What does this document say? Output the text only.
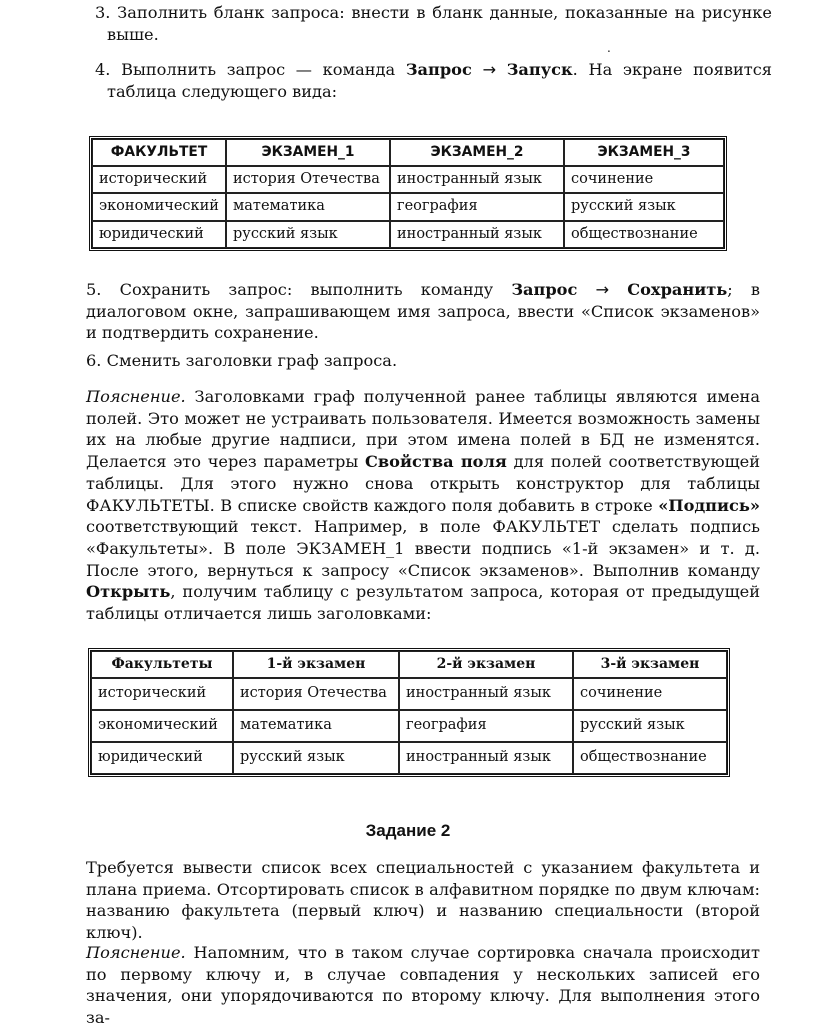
3. Заполнить бланк запроса: внести в бланк данные, показанные на рисунке выше.

.

4. Выполнить запрос — команда Запрос → Запуск. На экране появится таблица следующего вида:

ФАКУЛЬТЕТ	ЭКЗАМЕН_1	ЭКЗАМЕН_2	ЭКЗАМЕН_3
исторический	история Отечества	иностранный язык	сочинение
экономический	математика	география	русский язык
юридический	русский язык	иностранный язык	обществознание

5. Сохранить запрос: выполнить команду Запрос → Сохранить; в диалоговом окне, запрашивающем имя запроса, ввести «Список экзаменов» и подтвердить сохранение.

6. Сменить заголовки граф запроса.

Пояснение. Заголовками граф полученной ранее таблицы являются имена полей. Это может не устраивать пользователя. Имеется возможность замены их на любые другие надписи, при этом имена полей в БД не изменятся. Делается это через параметры Свойства поля для полей соответствующей таблицы. Для этого нужно снова открыть конструктор для таблицы ФАКУЛЬТЕТЫ. В списке свойств каждого поля добавить в строке «Подпись» соответствующий текст. Например, в поле ФАКУЛЬТЕТ сделать подпись «Факультеты». В поле ЭКЗАМЕН_1 ввести подпись «1-й экзамен» и т. д. После этого, вернуться к запросу «Список экзаменов». Выполнив команду Открыть, получим таблицу с результатом запроса, которая от предыдущей таблицы отличается лишь заголовками:

Факультеты	1-й экзамен	2-й экзамен	3-й экзамен
исторический	история Отечества	иностранный язык	сочинение
экономический	математика	география	русский язык
юридический	русский язык	иностранный язык	обществознание
Задание 2

Требуется вывести список всех специальностей с указанием факультета и плана приема. Отсортировать список в алфавитном порядке по двум ключам: названию факультета (первый ключ) и названию специальности (второй ключ).

Пояснение. Напомним, что в таком случае сортировка сначала происходит по первому ключу и, в случае совпадения у нескольких записей его значения, они упорядочиваются по второму ключу. Для выполнения этого за-
